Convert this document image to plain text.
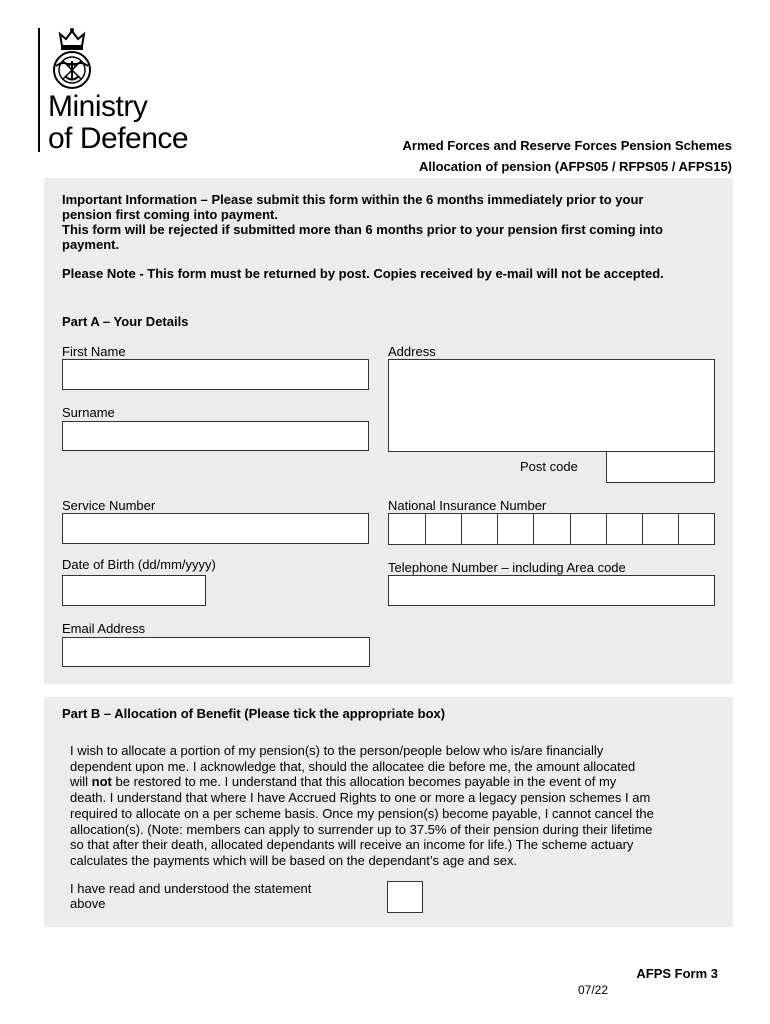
Ministry
of Defence	Armed Forces and Reserve Forces Pension Schemes
Allocation of pension (AFPS05 / RFPS05 / AFPS15)
Important Information – Please submit this form within the 6 months immediately prior to your
pension first coming into payment.
This form will be rejected if submitted more than 6 months prior to your pension first coming into
payment.
Please Note - This form must be returned by post. Copies received by e-mail will not be accepted.
Part A – Your Details
First Name
Surname
Address
Post code
Service Number	National Insurance Number
Date of Birth (dd/mm/yyyy)	Telephone Number – including Area code
Email Address
Part B – Allocation of Benefit (Please tick the appropriate box)
I wish to allocate a portion of my pension(s) to the person/people below who is/are financially
dependent upon me. I acknowledge that, should the allocatee die before me, the amount allocated
will not be restored to me. I understand that this allocation becomes payable in the event of my
death. I understand that where I have Accrued Rights to one or more a legacy pension schemes I am
required to allocate on a per scheme basis. Once my pension(s) become payable, I cannot cancel the
allocation(s). (Note: members can apply to surrender up to 37.5% of their pension during their lifetime
so that after their death, allocated dependants will receive an income for life.) The scheme actuary
calculates the payments which will be based on the dependant’s age and sex.
I have read and understood the statement
above
AFPS Form 3
07/22
